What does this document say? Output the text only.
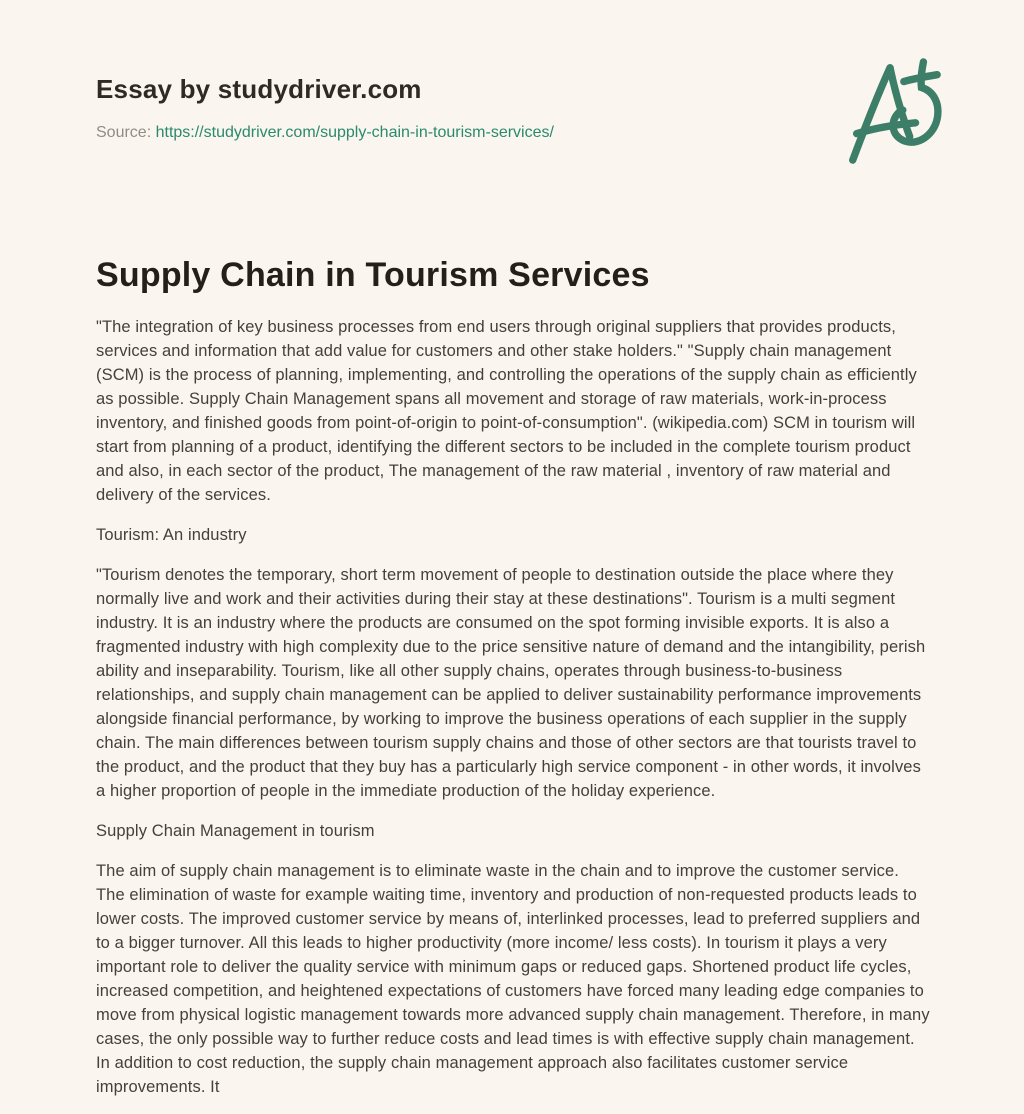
Essay by studydriver.com
Source: https://studydriver.com/supply-chain-in-tourism-services/
Supply Chain in Tourism Services

"The integration of key business processes from end users through original suppliers that provides products, services and information that add value for customers and other stake holders." "Supply chain management (SCM) is the process of planning, implementing, and controlling the operations of the supply chain as efficiently as possible. Supply Chain Management spans all movement and storage of raw materials, work-in-process inventory, and finished goods from point-of-origin to point-of-consumption". (wikipedia.com) SCM in tourism will start from planning of a product, identifying the different sectors to be included in the complete tourism product and also, in each sector of the product, The management of the raw material , inventory of raw material and delivery of the services.

Tourism: An industry

"Tourism denotes the temporary, short term movement of people to destination outside the place where they normally live and work and their activities during their stay at these destinations". Tourism is a multi segment industry. It is an industry where the products are consumed on the spot forming invisible exports. It is also a fragmented industry with high complexity due to the price sensitive nature of demand and the intangibility, perish ability and inseparability. Tourism, like all other supply chains, operates through business-to-business relationships, and supply chain management can be applied to deliver sustainability performance improvements alongside financial performance, by working to improve the business operations of each supplier in the supply chain. The main differences between tourism supply chains and those of other sectors are that tourists travel to the product, and the product that they buy has a particularly high service component - in other words, it involves a higher proportion of people in the immediate production of the holiday experience.

Supply Chain Management in tourism

The aim of supply chain management is to eliminate waste in the chain and to improve the customer service. The elimination of waste for example waiting time, inventory and production of non-requested products leads to lower costs. The improved customer service by means of, interlinked processes, lead to preferred suppliers and to a bigger turnover. All this leads to higher productivity (more income/ less costs). In tourism it plays a very important role to deliver the quality service with minimum gaps or reduced gaps. Shortened product life cycles, increased competition, and heightened expectations of customers have forced many leading edge companies to move from physical logistic management towards more advanced supply chain management. Therefore, in many cases, the only possible way to further reduce costs and lead times is with effective supply chain management. In addition to cost reduction, the supply chain management approach also facilitates customer service improvements. It
